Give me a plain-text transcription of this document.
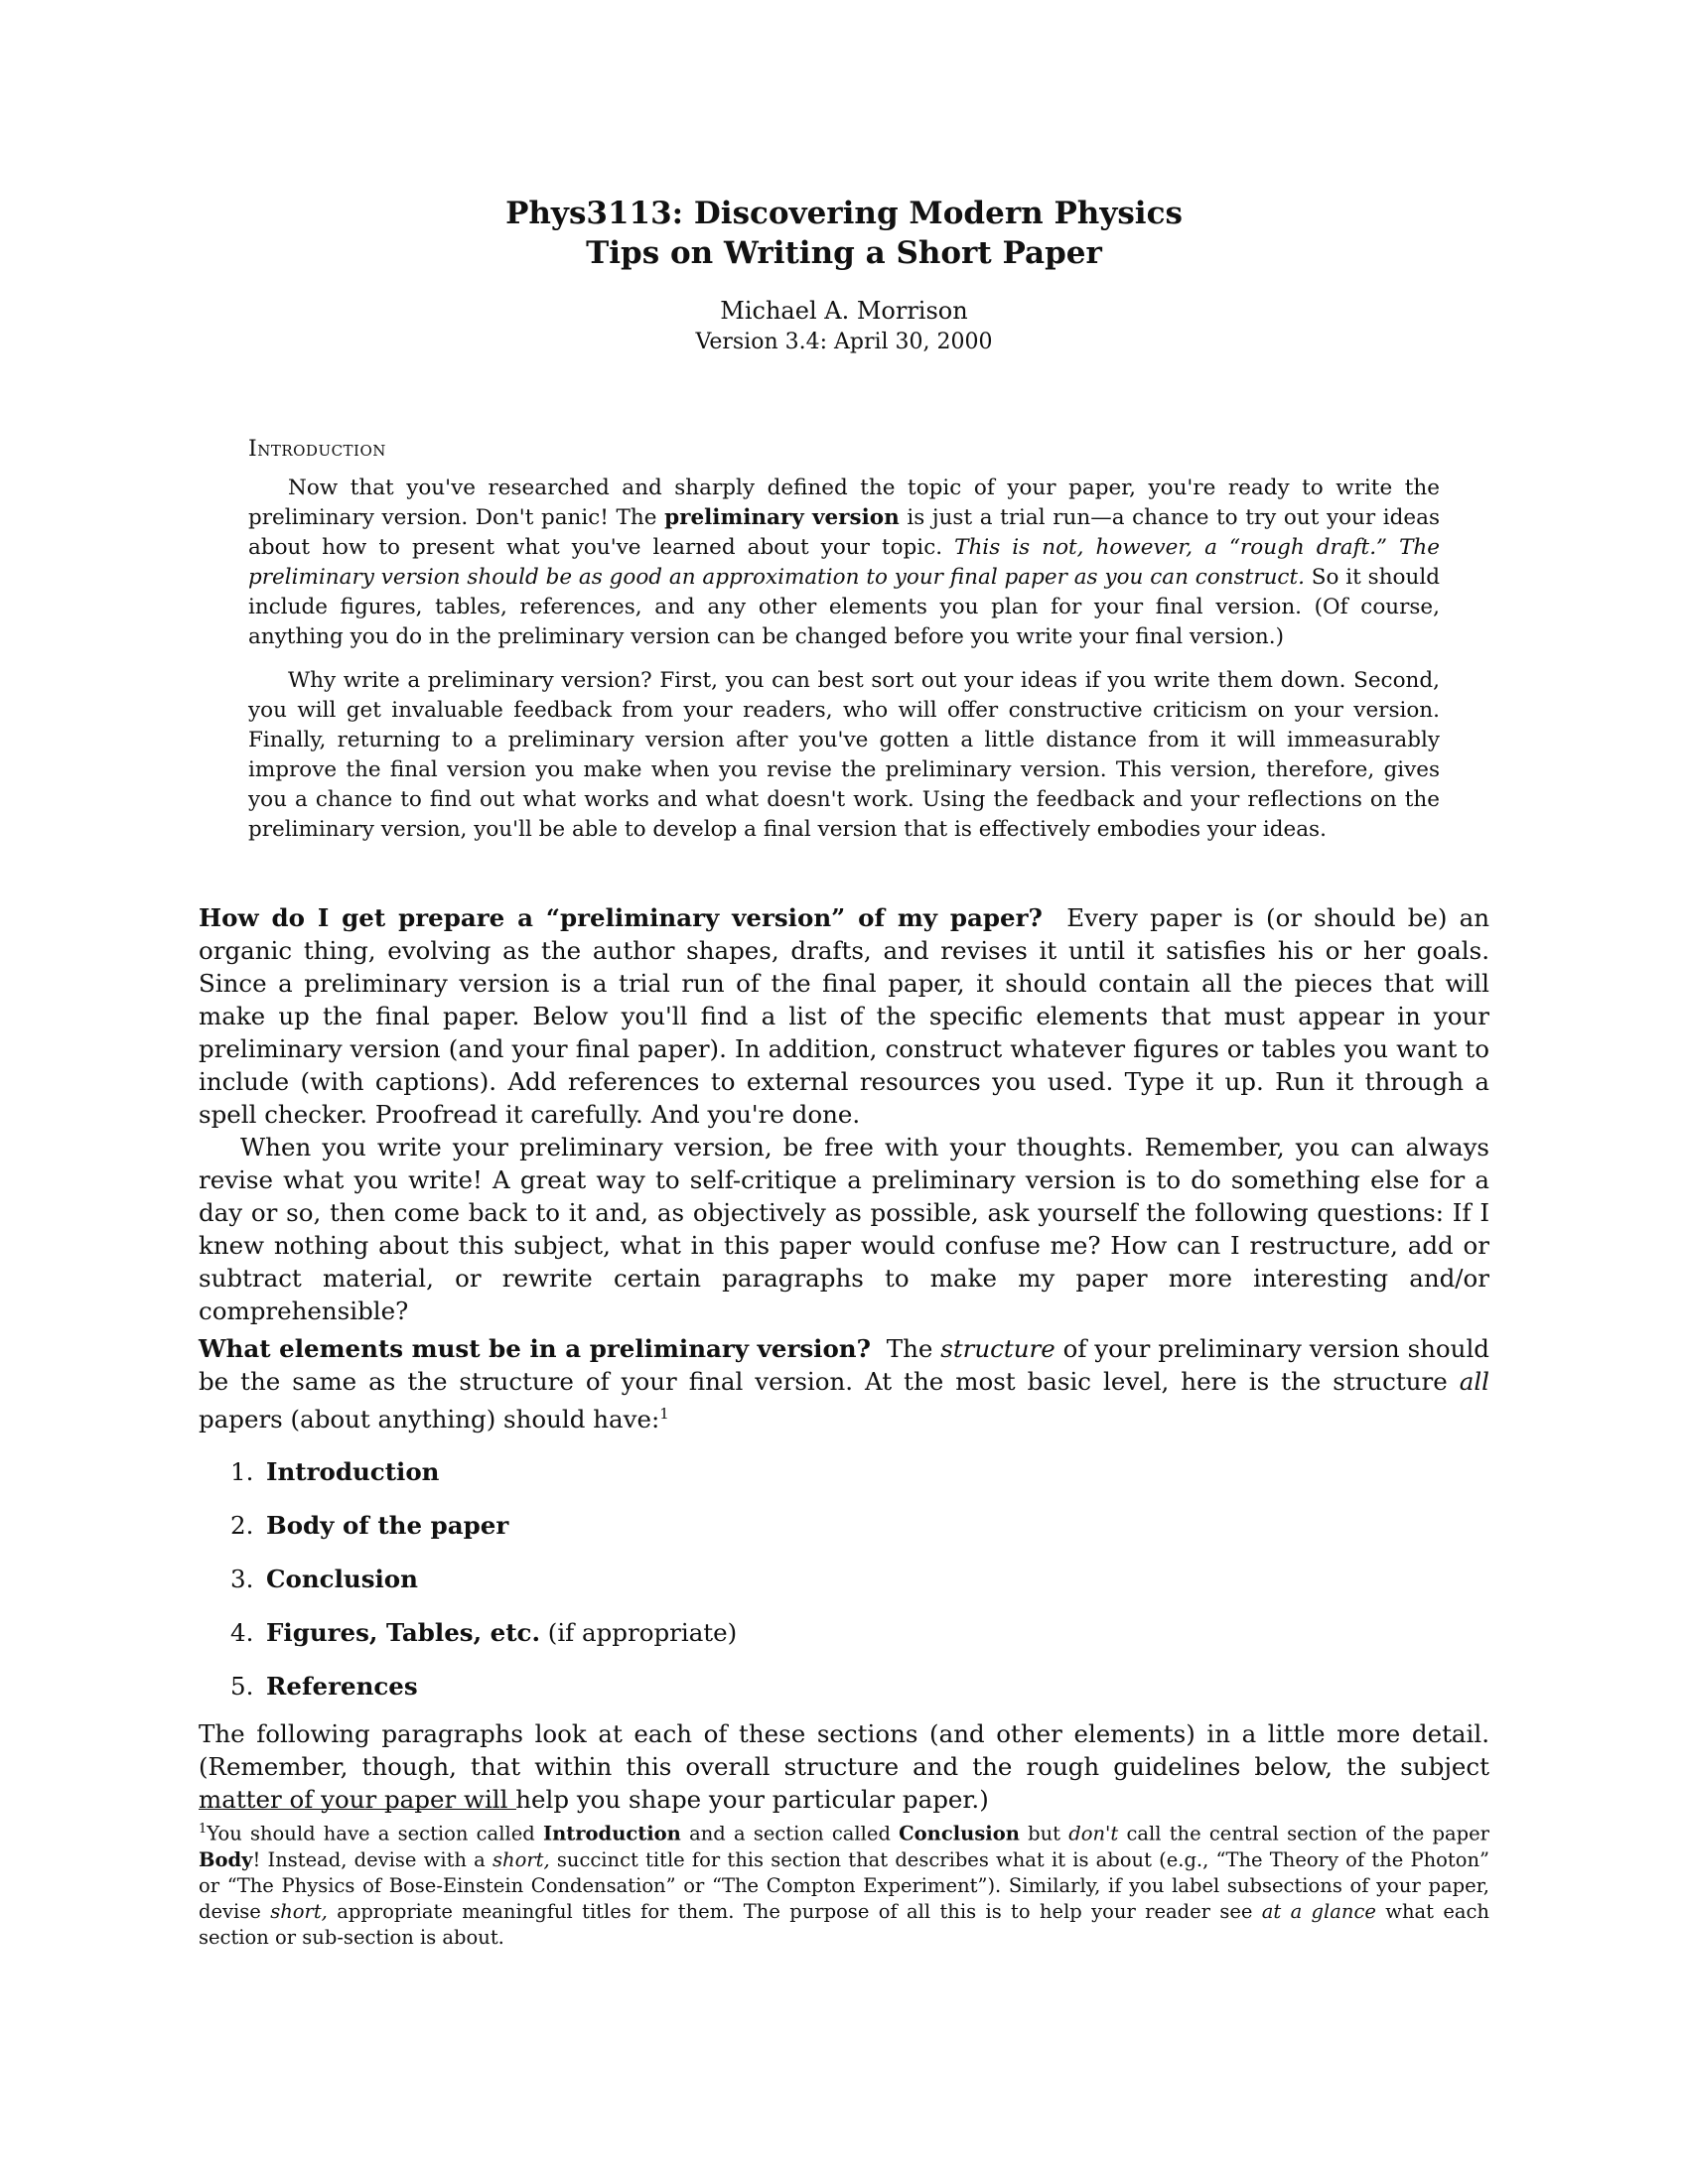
Phys3113: Discovering Modern Physics
Tips on Writing a Short Paper
Michael A. Morrison
Version 3.4: April 30, 2000
Introduction

Now that you've researched and sharply defined the topic of your paper, you're ready to write the preliminary version. Don't panic! The preliminary version is just a trial run—a chance to try out your ideas about how to present what you've learned about your topic. This is not, however, a “rough draft.” The preliminary version should be as good an approximation to your final paper as you can construct. So it should include figures, tables, references, and any other elements you plan for your final version. (Of course, anything you do in the preliminary version can be changed before you write your final version.)

Why write a preliminary version? First, you can best sort out your ideas if you write them down. Second, you will get invaluable feedback from your readers, who will offer constructive criticism on your version. Finally, returning to a preliminary version after you've gotten a little distance from it will immeasurably improve the final version you make when you revise the preliminary version. This version, therefore, gives you a chance to find out what works and what doesn't work. Using the feedback and your reflections on the preliminary version, you'll be able to develop a final version that is effectively embodies your ideas.

How do I get prepare a “preliminary version” of my paper? Every paper is (or should be) an organic thing, evolving as the author shapes, drafts, and revises it until it satisfies his or her goals. Since a preliminary version is a trial run of the final paper, it should contain all the pieces that will make up the final paper. Below you'll find a list of the specific elements that must appear in your preliminary version (and your final paper). In addition, construct whatever figures or tables you want to include (with captions). Add references to external resources you used. Type it up. Run it through a spell checker. Proofread it carefully. And you're done.

When you write your preliminary version, be free with your thoughts. Remember, you can always revise what you write! A great way to self-critique a preliminary version is to do something else for a day or so, then come back to it and, as objectively as possible, ask yourself the following questions: If I knew nothing about this subject, what in this paper would confuse me? How can I restructure, add or subtract material, or rewrite certain paragraphs to make my paper more interesting and/or comprehensible?

What elements must be in a preliminary version? The structure of your preliminary version should be the same as the structure of your final version. At the most basic level, here is the structure all papers (about anything) should have:$^1$

1. Introduction
2. Body of the paper
3. Conclusion
4. Figures, Tables, etc. (if appropriate)
5. References

The following paragraphs look at each of these sections (and other elements) in a little more detail. (Remember, though, that within this overall structure and the rough guidelines below, the subject matter of your paper will help you shape your particular paper.)

$^1$You should have a section called Introduction and a section called Conclusion but don't call the central section of the paper Body! Instead, devise with a short, succinct title for this section that describes what it is about (e.g., “The Theory of the Photon” or “The Physics of Bose-Einstein Condensation” or “The Compton Experiment”). Similarly, if you label subsections of your paper, devise short, appropriate meaningful titles for them. The purpose of all this is to help your reader see at a glance what each section or sub-section is about.
